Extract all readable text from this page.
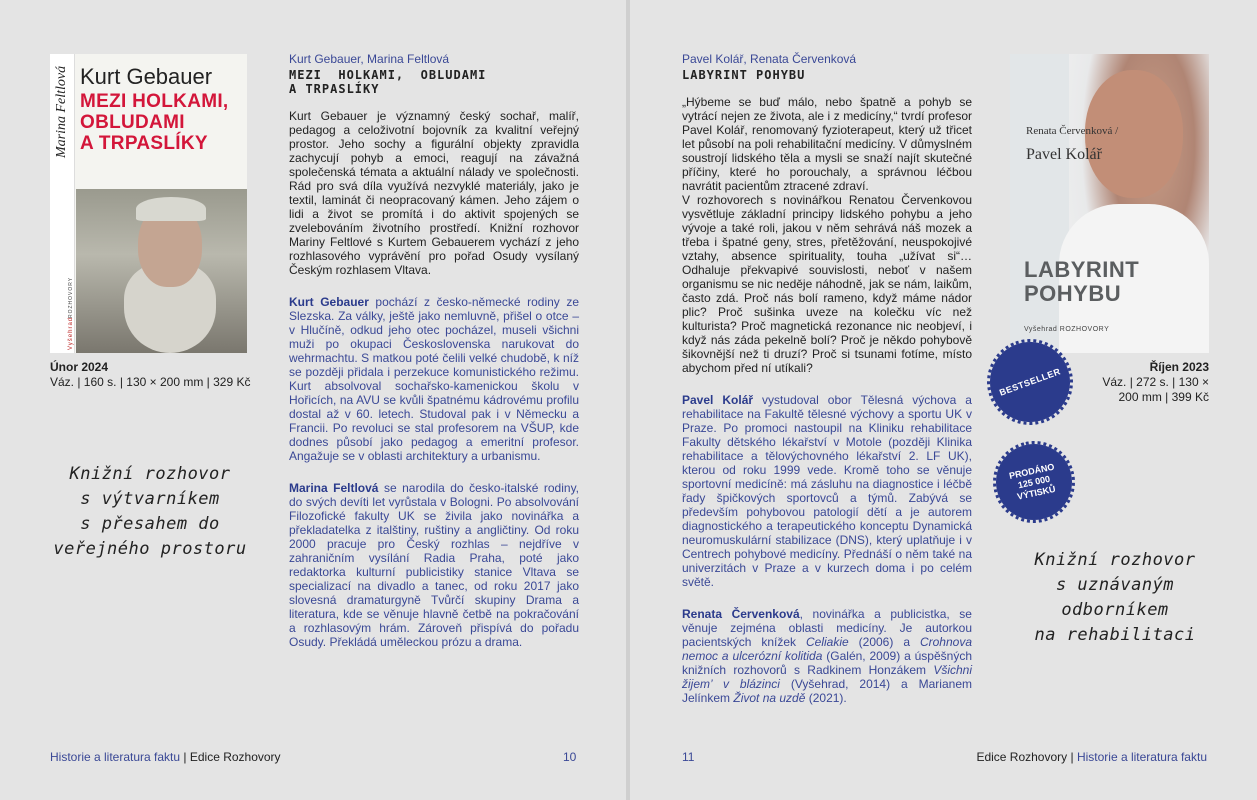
Marina Feltlová
ROZHOVORY
Vyšehrad
Kurt Gebauer
MEZI HOLKAMI,
OBLUDAMI
A TRPASLÍKY
Únor 2024
Váz. | 160 s. | 130 × 200 mm | 329 Kč
Knižní rozhovor
s výtvarníkem
s přesahem do
veřejného prostoru
Kurt Gebauer, Marina Feltlová
MEZI  HOLKAMI,  OBLUDAMI
A TRPASLÍKY

Kurt Gebauer je významný český sochař, malíř, pedagog a celoživotní bojovník za kvalitní veřejný prostor. Jeho sochy a figurální objekty zpravidla zachycují pohyb a emoci, reagují na závažná společenská témata a aktuální nálady ve společnosti. Rád pro svá díla využívá nezvyklé materiály, jako je textil, laminát či neopracovaný kámen. Jeho zájem o lidi a život se promítá i do aktivit spojených se zvelebováním životního prostředí. Knižní rozhovor Mariny Feltlové s Kurtem Gebauerem vychází z jeho rozhlasového vyprávění pro pořad Osudy vysílaný Českým rozhlasem Vltava.

Kurt Gebauer pochází z česko-německé rodiny ze Slezska. Za války, ještě jako nemluvně, přišel o otce – v Hlučíně, odkud jeho otec pocházel, museli všichni muži po okupaci Československa narukovat do wehrmachtu. S matkou poté čelili velké chudobě, k níž se později přidala i perzekuce komunistického režimu. Kurt absolvoval sochařsko-kamenickou školu v Hořicích, na AVU se kvůli špatnému kádrovému profilu dostal až v 60. letech. Studoval pak i v Německu a Francii. Po revoluci se stal profesorem na VŠUP, kde dodnes působí jako pedagog a emeritní profesor. Angažuje se v oblasti architektury a urbanismu.

Marina Feltlová se narodila do česko-italské rodiny, do svých devíti let vyrůstala v Bologni. Po absolvování Filozofické fakulty UK se živila jako novinářka a překladatelka z italštiny, ruštiny a angličtiny. Od roku 2000 pracuje pro Český rozhlas – nejdříve v zahraničním vysílání Radia Praha, poté jako redaktorka kulturní publicistiky stanice Vltava se specializací na divadlo a tanec, od roku 2017 jako slovesná dramaturgyně Tvůrčí skupiny Drama a literatura, kde se věnuje hlavně četbě na pokračování a rozhlasovým hrám. Zároveň přispívá do pořadu Osudy. Překládá uměleckou prózu a drama.

Historie a literatura faktu | Edice Rozhovory	10
Pavel Kolář, Renata Červenková
LABYRINT POHYBU

„Hýbeme se buď málo, nebo špatně a pohyb se vytrácí nejen ze života, ale i z medicíny,“ tvrdí profesor Pavel Kolář, renomovaný fyzioterapeut, který už třicet let působí na poli rehabilitační medicíny. V důmyslném soustrojí lidského těla a mysli se snaží najít skutečné příčiny, které ho porouchaly, a správnou léčbou navrátit pacientům ztracené zdraví.

V rozhovorech s novinářkou Renatou Červenkovou vysvětluje základní principy lidského pohybu a jeho vývoje a také roli, jakou v něm sehrává náš mozek a třeba i špatné geny, stres, přetěžování, neuspokojivé vztahy, absence spirituality, touha „užívat si“… Odhaluje překvapivé souvislosti, neboť v našem organismu se nic neděje náhodně, jak se nám, laikům, často zdá. Proč nás bolí rameno, když máme nádor plic? Proč sušinka uveze na kolečku víc než kulturista? Proč magnetická rezonance nic neobjeví, i když nás záda pekelně bolí? Proč je někdo pohybově šikovnější než ti druzí? Proč si tsunami fotíme, místo abychom před ní utíkali?

Pavel Kolář vystudoval obor Tělesná výchova a rehabilitace na Fakultě tělesné výchovy a sportu UK v Praze. Po promoci nastoupil na Kliniku rehabilitace Fakulty dětského lékařství v Motole (později Klinika rehabilitace a tělovýchovného lékařství 2. LF UK), kterou od roku 1999 vede. Kromě toho se věnuje sportovní medicíně: má zásluhu na diagnostice i léčbě řady špičkových sportovců a týmů. Zabývá se především pohybovou patologií dětí a je autorem diagnostického a terapeutického konceptu Dynamická neuromuskulární stabilizace (DNS), který uplatňuje i v Centrech pohybové medicíny. Přednáší o něm také na univerzitách v Praze a v kurzech doma i po celém světě.

Renata Červenková, novinářka a publicistka, se věnuje zejména oblasti medicíny. Je autorkou pacientských knížek Celiakie (2006) a Crohnova nemoc a ulcerózní kolitida (Galén, 2009) a úspěšných knižních rozhovorů s Radkinem Honzákem Všichni žijem’ v blázinci (Vyšehrad, 2014) a Marianem Jelínkem Život na uzdě (2021).

Renata Červenková /
Pavel Kolář
LABYRINT
POHYBU
Vyšehrad ROZHOVORY
BESTSELLER
PRODÁNO
125 000
VÝTISKŮ
Říjen 2023
Váz. | 272 s. | 130 × 200 mm | 399 Kč
Knižní rozhovor
s uznávaným
odborníkem
na rehabilitaci
11	Edice Rozhovory | Historie a literatura faktu
